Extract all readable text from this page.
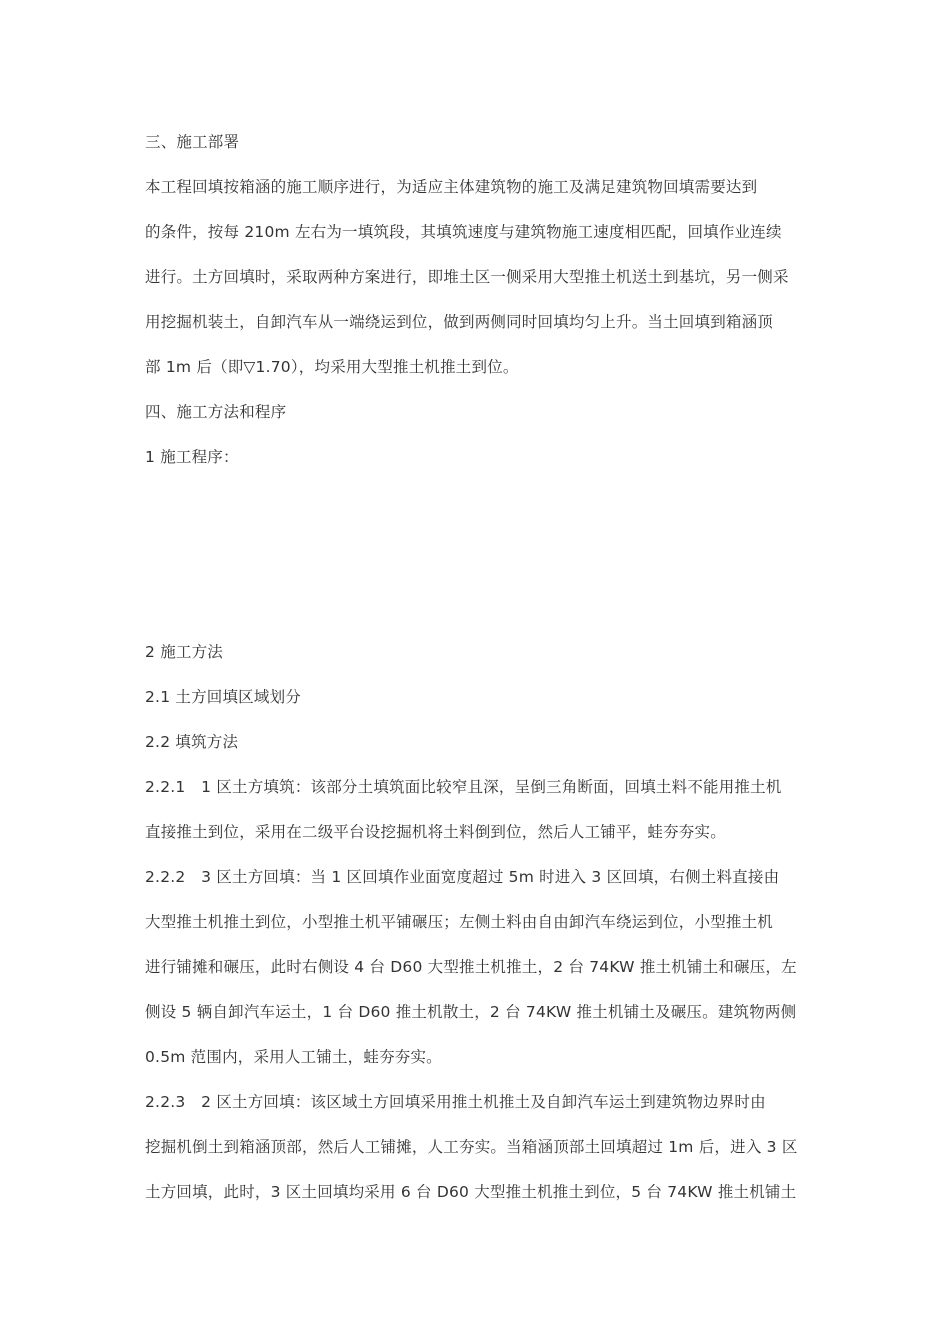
三、施工部署
本工程回填按箱涵的施工顺序进行，为适应主体建筑物的施工及满足建筑物回填需要达到
的条件，按每 210m 左右为一填筑段，其填筑速度与建筑物施工速度相匹配，回填作业连续
进行。土方回填时，采取两种方案进行，即堆土区一侧采用大型推土机送土到基坑，另一侧采
用挖掘机装土，自卸汽车从一端绕运到位，做到两侧同时回填均匀上升。当土回填到箱涵顶
部 1m 后（即▽1.70），均采用大型推土机推土到位。
四、施工方法和程序
1 施工程序：
2 施工方法
2.1 土方回填区域划分
2.2 填筑方法
2.2.1　1 区土方填筑：该部分土填筑面比较窄且深，呈倒三角断面，回填土料不能用推土机
直接推土到位，采用在二级平台设挖掘机将土料倒到位，然后人工铺平，蛙夯夯实。
2.2.2　3 区土方回填：当 1 区回填作业面宽度超过 5m 时进入 3 区回填，右侧土料直接由
大型推土机推土到位，小型推土机平铺碾压；左侧土料由自由卸汽车绕运到位，小型推土机
进行铺摊和碾压，此时右侧设 4 台 D60 大型推土机推土，2 台 74KW 推土机铺土和碾压，左
侧设 5 辆自卸汽车运土，1 台 D60 推土机散土，2 台 74KW 推土机铺土及碾压。建筑物两侧
0.5m 范围内，采用人工铺土，蛙夯夯实。
2.2.3　2 区土方回填：该区域土方回填采用推土机推土及自卸汽车运土到建筑物边界时由
挖掘机倒土到箱涵顶部，然后人工铺摊，人工夯实。当箱涵顶部土回填超过 1m 后，进入 3 区
土方回填，此时，3 区土回填均采用 6 台 D60 大型推土机推土到位，5 台 74KW 推土机铺土
